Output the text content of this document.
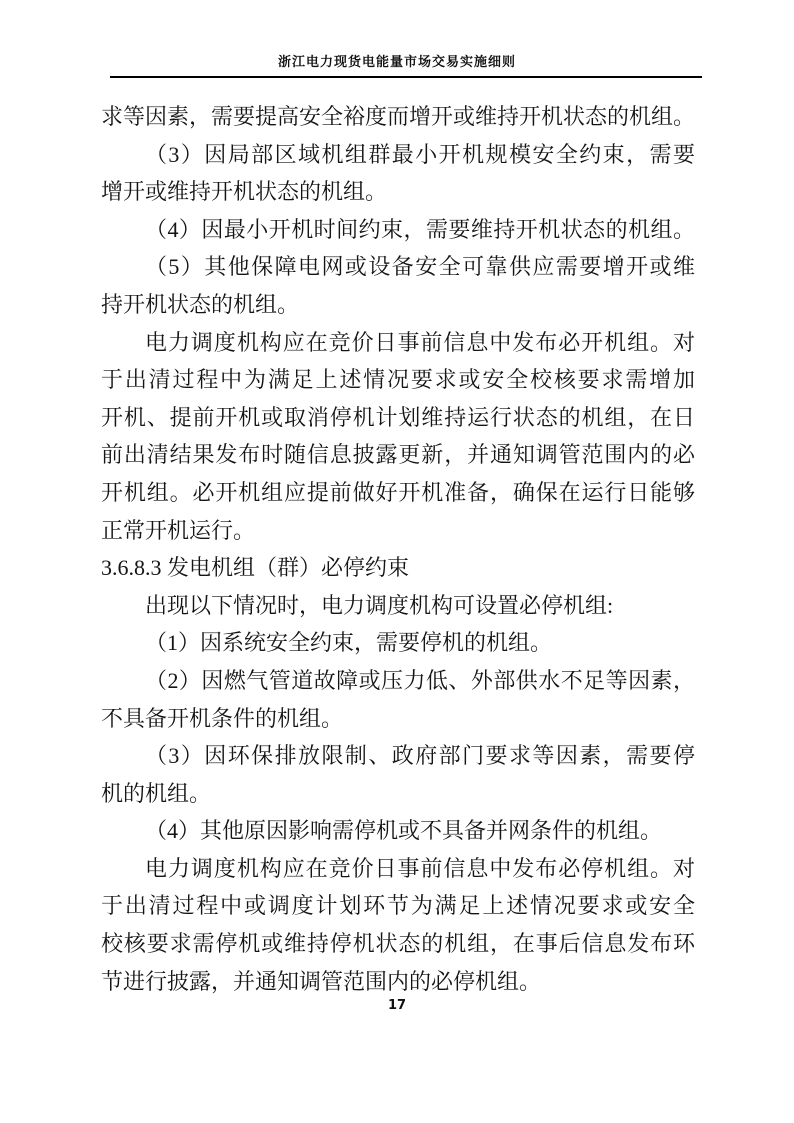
浙江电力现货电能量市场交易实施细则
求等因素，需要提高安全裕度而增开或维持开机状态的机组。
（3）因局部区域机组群最小开机规模安全约束，需要
增开或维持开机状态的机组。
（4）因最小开机时间约束，需要维持开机状态的机组。
（5）其他保障电网或设备安全可靠供应需要增开或维
持开机状态的机组。
电力调度机构应在竞价日事前信息中发布必开机组。对
于出清过程中为满足上述情况要求或安全校核要求需增加
开机、提前开机或取消停机计划维持运行状态的机组，在日
前出清结果发布时随信息披露更新，并通知调管范围内的必
开机组。必开机组应提前做好开机准备，确保在运行日能够
正常开机运行。
3.6.8.3 发电机组（群）必停约束
出现以下情况时，电力调度机构可设置必停机组:
（1）因系统安全约束，需要停机的机组。
（2）因燃气管道故障或压力低、外部供水不足等因素，
不具备开机条件的机组。
（3）因环保排放限制、政府部门要求等因素，需要停
机的机组。
（4）其他原因影响需停机或不具备并网条件的机组。
电力调度机构应在竞价日事前信息中发布必停机组。对
于出清过程中或调度计划环节为满足上述情况要求或安全
校核要求需停机或维持停机状态的机组，在事后信息发布环
节进行披露，并通知调管范围内的必停机组。
17
